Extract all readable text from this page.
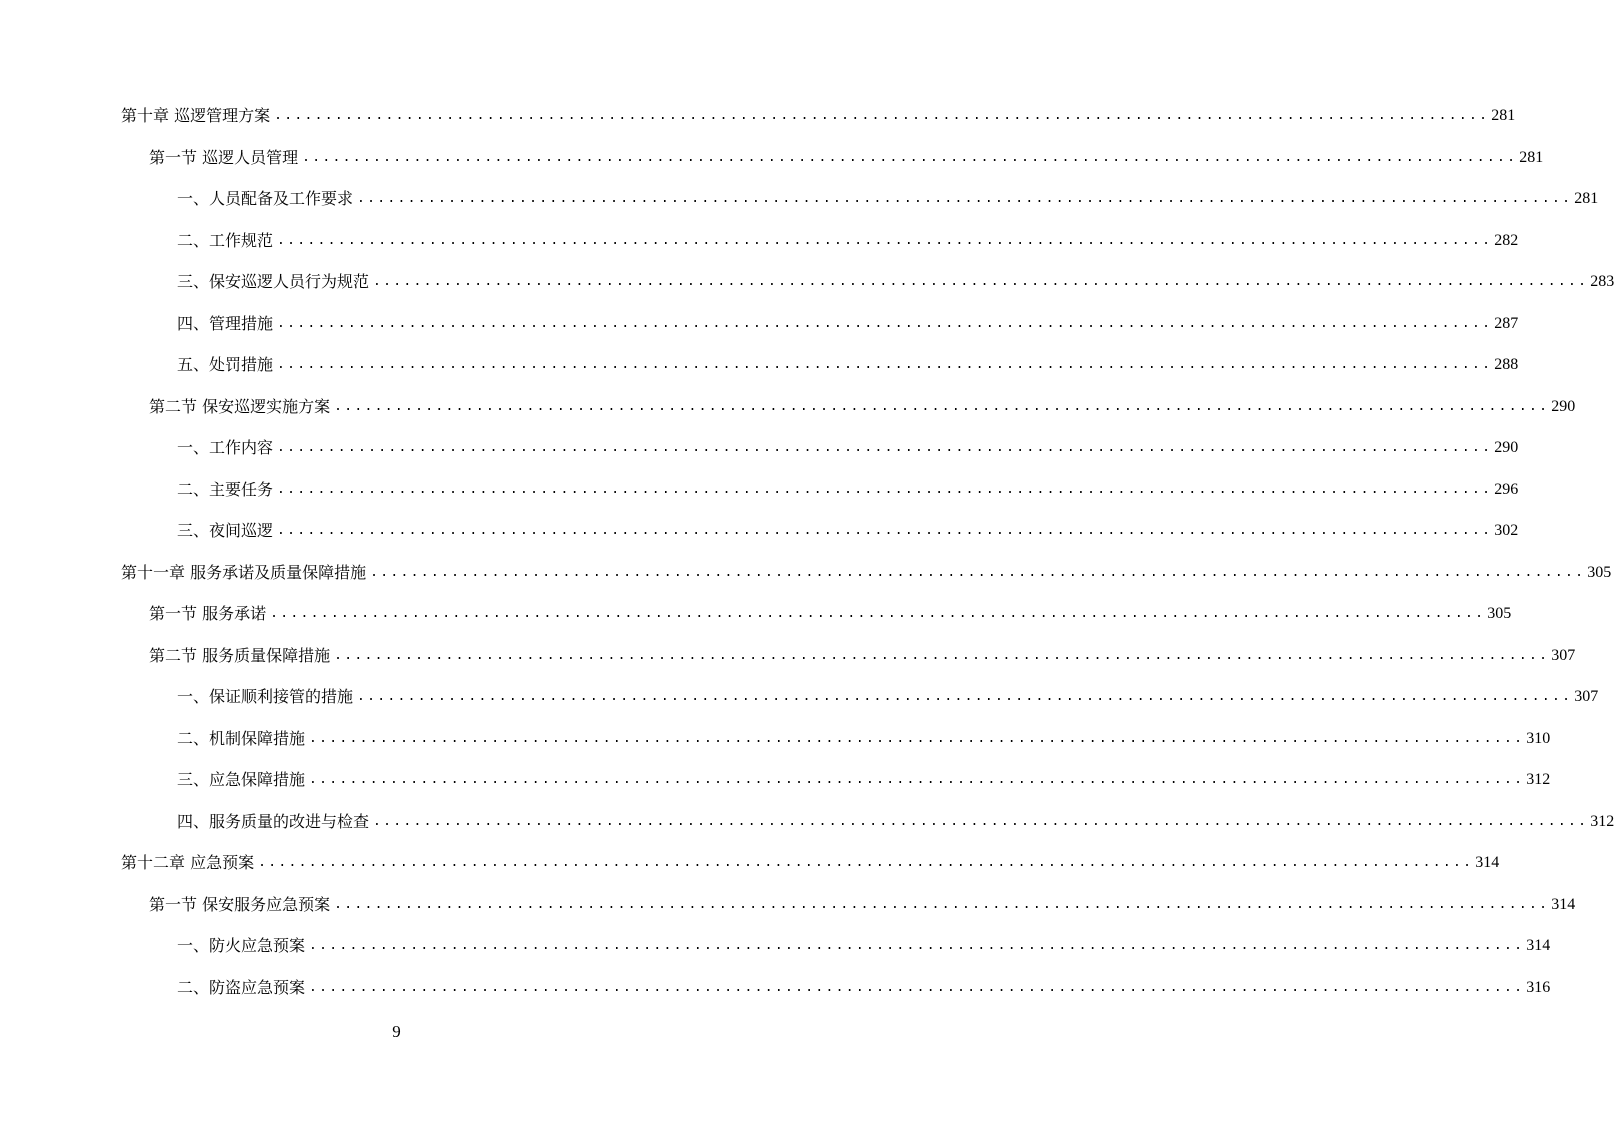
第十章 巡逻管理方案 ........................................................................................................................ 281
第一节 巡逻人员管理 ........................................................................................................................ 281
一、人员配备及工作要求 ........................................................................................................................ 281
二、工作规范 ........................................................................................................................ 282
三、保安巡逻人员行为规范 ........................................................................................................................ 283
四、管理措施 ........................................................................................................................ 287
五、处罚措施 ........................................................................................................................ 288
第二节 保安巡逻实施方案 ........................................................................................................................ 290
一、工作内容 ........................................................................................................................ 290
二、主要任务 ........................................................................................................................ 296
三、夜间巡逻 ........................................................................................................................ 302
第十一章 服务承诺及质量保障措施 ........................................................................................................................ 305
第一节 服务承诺 ........................................................................................................................ 305
第二节 服务质量保障措施 ........................................................................................................................ 307
一、保证顺利接管的措施 ........................................................................................................................ 307
二、机制保障措施 ........................................................................................................................ 310
三、应急保障措施 ........................................................................................................................ 312
四、服务质量的改进与检查 ........................................................................................................................ 312
第十二章 应急预案 ........................................................................................................................ 314
第一节 保安服务应急预案 ........................................................................................................................ 314
一、防火应急预案 ........................................................................................................................ 314
二、防盗应急预案 ........................................................................................................................ 316
9
